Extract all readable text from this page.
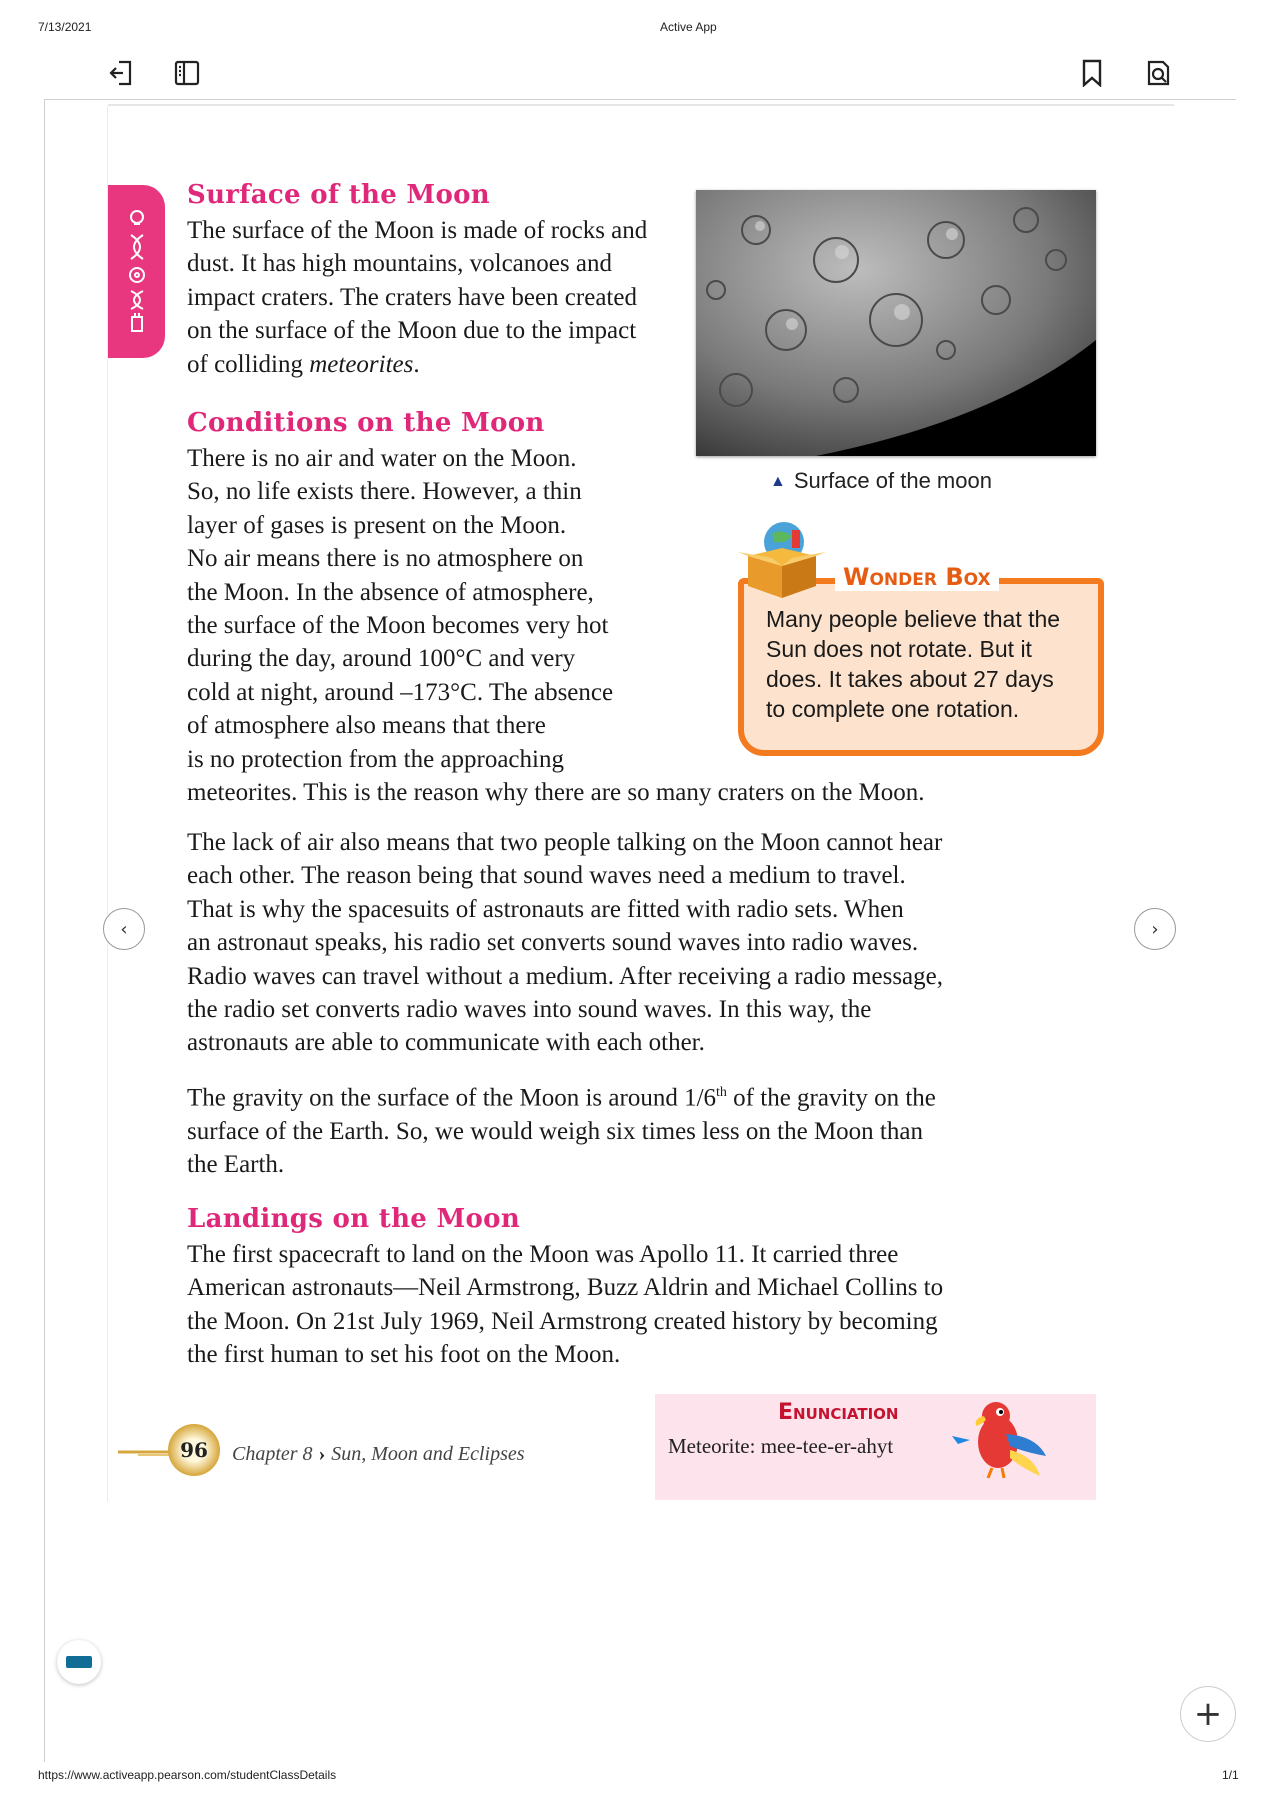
7/13/2021	Active App
https://www.activeapp.pearson.com/studentClassDetails	1/1
Surface of the Moon
The surface of the Moon is made of rocks and
dust. It has high mountains, volcanoes and
impact craters. The craters have been created
on the surface of the Moon due to the impact
of colliding meteorites.
▲ Surface of the moon
Conditions on the Moon
There is no air and water on the Moon.
So, no life exists there. However, a thin
layer of gases is present on the Moon.
No air means there is no atmosphere on
the Moon. In the absence of atmosphere,
the surface of the Moon becomes very hot
during the day, around 100°C and very
cold at night, around –173°C. The absence
of atmosphere also means that there
is no protection from the approaching
meteorites. This is the reason why there are so many craters on the Moon.
Wonder Box
Many people believe that the
Sun does not rotate. But it
does. It takes about 27 days
to complete one rotation.
The lack of air also means that two people talking on the Moon cannot hear
each other. The reason being that sound waves need a medium to travel.
That is why the spacesuits of astronauts are fitted with radio sets. When
an astronaut speaks, his radio set converts sound waves into radio waves.
Radio waves can travel without a medium. After receiving a radio message,
the radio set converts radio waves into sound waves. In this way, the
astronauts are able to communicate with each other.
The gravity on the surface of the Moon is around 1/6th of the gravity on the
surface of the Earth. So, we would weigh six times less on the Moon than
the Earth.
Landings on the Moon
The first spacecraft to land on the Moon was Apollo 11. It carried three
American astronauts—Neil Armstrong, Buzz Aldrin and Michael Collins to
the Moon. On 21st July 1969, Neil Armstrong created history by becoming
the first human to set his foot on the Moon.
‹	›
96	Chapter 8 › Sun, Moon and Eclipses
Enunciation
Meteorite: mee-tee-er-ahyt
+
